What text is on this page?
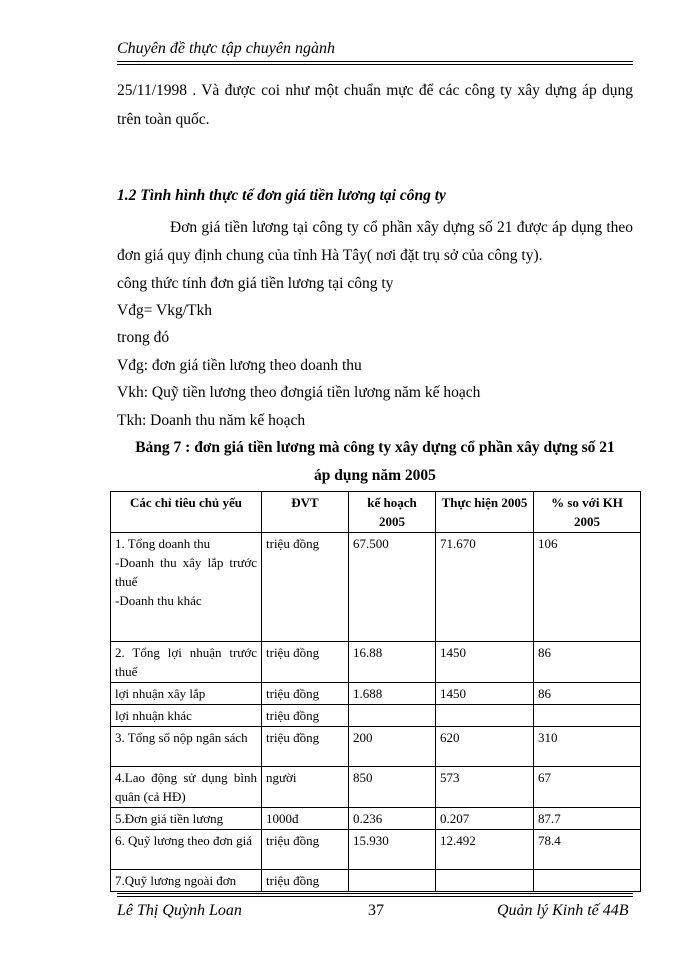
Chuyên đề thực tập chuyên ngành
25/11/1998 . Và được coi như một chuẩn mực để các công ty xây dựng áp dụng trên toàn quốc.
1.2 Tình hình thực tế đơn giá tiền lương tại công ty
Đơn giá tiền lương tại công ty cổ phần xây dựng số 21 được áp dụng theo đơn giá quy định chung của tỉnh Hà Tây( nơi đặt trụ sở của công ty).
công thức tính đơn giá tiền lương tại công ty
Vđg= Vkg/Tkh
trong đó
Vđg: đơn giá tiền lương theo doanh thu
Vkh: Quỹ tiền lương theo đơngiá tiền lương năm kế hoạch
Tkh: Doanh thu năm kế hoạch
Bảng 7 : đơn giá tiền lương mà công ty xây dựng cổ phần xây dựng số 21
áp dụng năm 2005
Các chỉ tiêu chủ yếu	ĐVT	kế hoạch 2005	Thực hiện 2005	% so với KH 2005
1. Tổng doanh thu
-Doanh thu xây lắp trước thuế
-Doanh thu khác	triệu đồng	67.500	71.670	106
2. Tổng lợi nhuận trước thuế	triệu đồng	16.88	1450	86
lợi nhuận xây lắp	triệu đồng	1.688	1450	86
lợi nhuận khác	triệu đồng			
3. Tổng số nộp ngân sách	triệu đồng	200	620	310
4.Lao động sử dụng bình quân (cả HĐ)	người	850	573	67
5.Đơn giá tiền lương	1000đ	0.236	0.207	87.7
6. Quỹ lương theo đơn giá	triệu đồng	15.930	12.492	78.4
7.Quỹ lương ngoài đơn	triệu đồng			
Lê Thị Quỳnh Loan	37	Quản lý Kinh tế 44B
